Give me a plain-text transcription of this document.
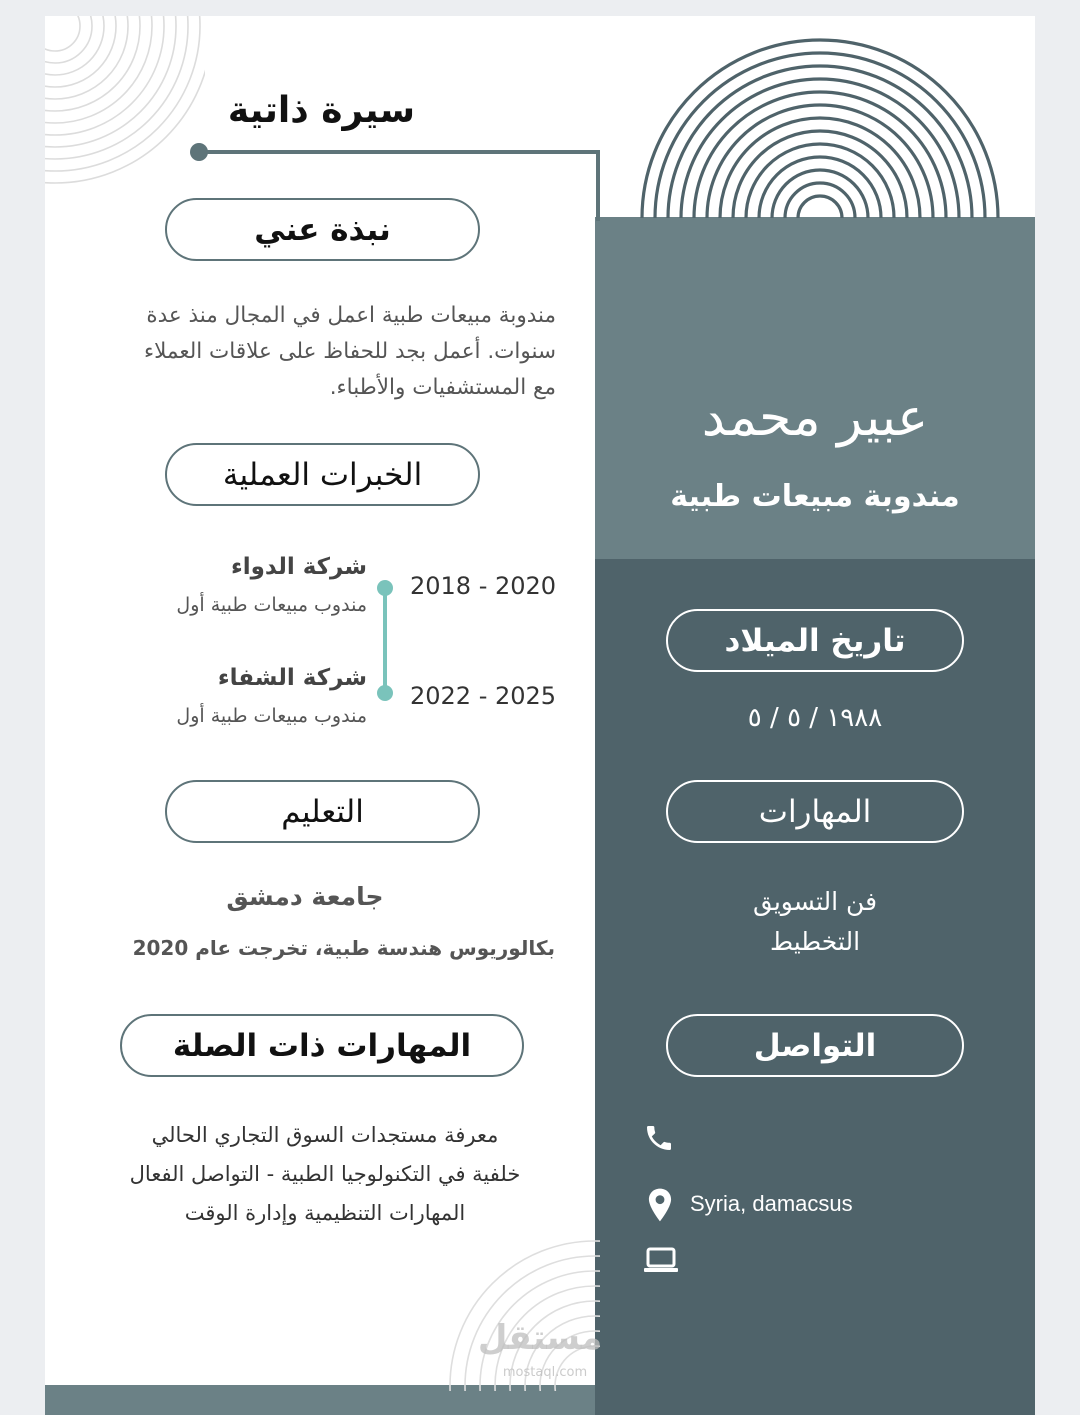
سيرة ذاتية
نبذة عني
مندوبة مبيعات طبية اعمل في المجال منذ عدة
سنوات. أعمل بجد للحفاظ على علاقات العملاء
مع المستشفيات والأطباء.
الخبرات العملية
2018 - 2020
شركة الدواء
مندوب مبيعات طبية أول
2022 - 2025
شركة الشفاء
مندوب مبيعات طبية أول
التعليم
جامعة دمشق
بكالوريوس هندسة طبية، تخرجت عام 2020
المهارات ذات الصلة
معرفة مستجدات السوق التجاري الحالي
خلفية في التكنولوجيا الطبية - التواصل الفعال
المهارات التنظيمية وإدارة الوقت
مستقل
mostaql.com
عبير محمد
مندوبة مبيعات طبية
تاريخ الميلاد
١٩٨٨ / ٥ / ٥
المهارات
فن التسويق
التخطيط
التواصل
Syria, damacsus
